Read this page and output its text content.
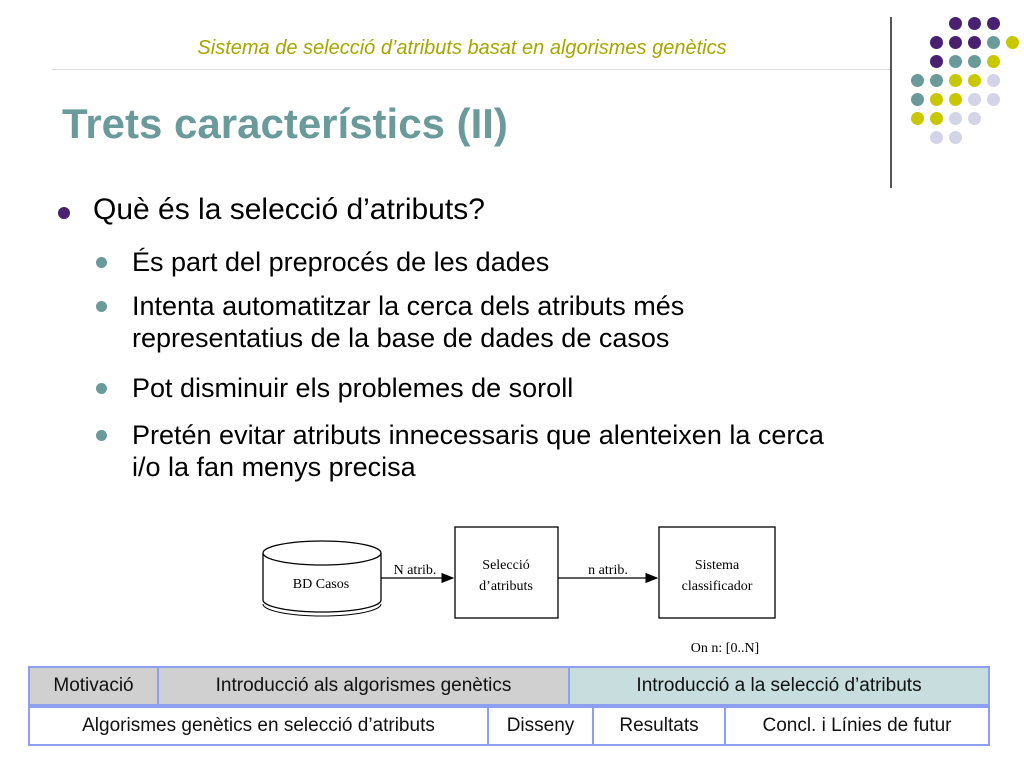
Sistema de selecció d’atributs basat en algorismes genètics
Trets característics (II)
Què és la selecció d’atributs?
És part del preprocés de les dades
Intenta automatitzar la cerca dels atributs més
representatius de la base de dades de casos
Pot disminuir els problemes de soroll
Pretén evitar atributs innecessaris que alenteixen la cerca
i/o la fan menys precisa
BD Casos
N atrib.	Selecció
d’atributs
n atrib.	Sistema
classificador
On n: [0..N]
Motivació	Introducció als algorismes genètics	Introducció a la selecció d’atributs
Algorismes genètics en selecció d’atributs	Disseny	Resultats	Concl. i Línies de futur
